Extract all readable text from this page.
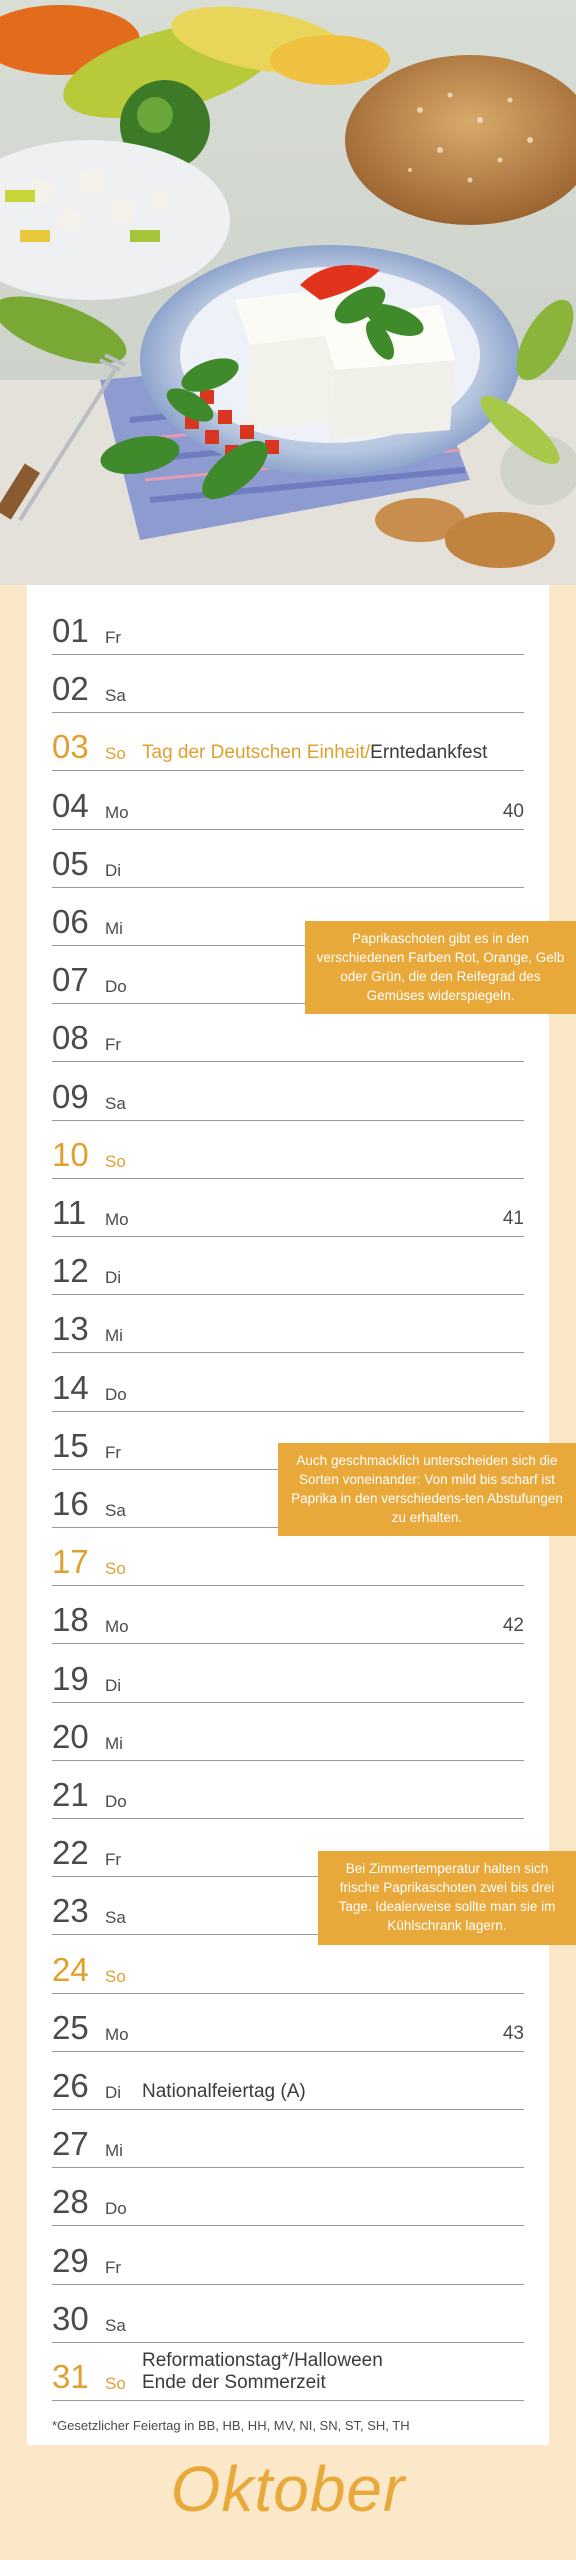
Oktober
01 Fr
02 Sa
03 So Tag der Deutschen Einheit/Erntedankfest
04 Mo	40
05 Di
06 Mi
07 Do
08 Fr
09 Sa
10 So
11 Mo	41
12 Di
13 Mi
14 Do
15 Fr
16 Sa
17 So
18 Mo	42
19 Di
20 Mi
21 Do
22 Fr
23 Sa
24 So
25 Mo	43
26 Di Nationalfeiertag (A)
27 Mi
28 Do
29 Fr
30 Sa
31 So
Reformationstag*/Halloween
Ende der Sommerzeit
Paprikaschoten gibt es in den verschiedenen Farben Rot, Orange, Gelb oder Grün, die den Reifegrad des Gemüses widerspiegeln.
Auch geschmacklich unterscheiden sich die Sorten voneinander: Von mild bis scharf ist Paprika in den verschiedens-ten Abstufungen zu erhalten.
Bei Zimmertemperatur halten sich frische Paprikaschoten zwei bis drei Tage. Idealerweise sollte man sie im Kühlschrank lagern.
*Gesetzlicher Feiertag in BB, HB, HH, MV, NI, SN, ST, SH, TH
